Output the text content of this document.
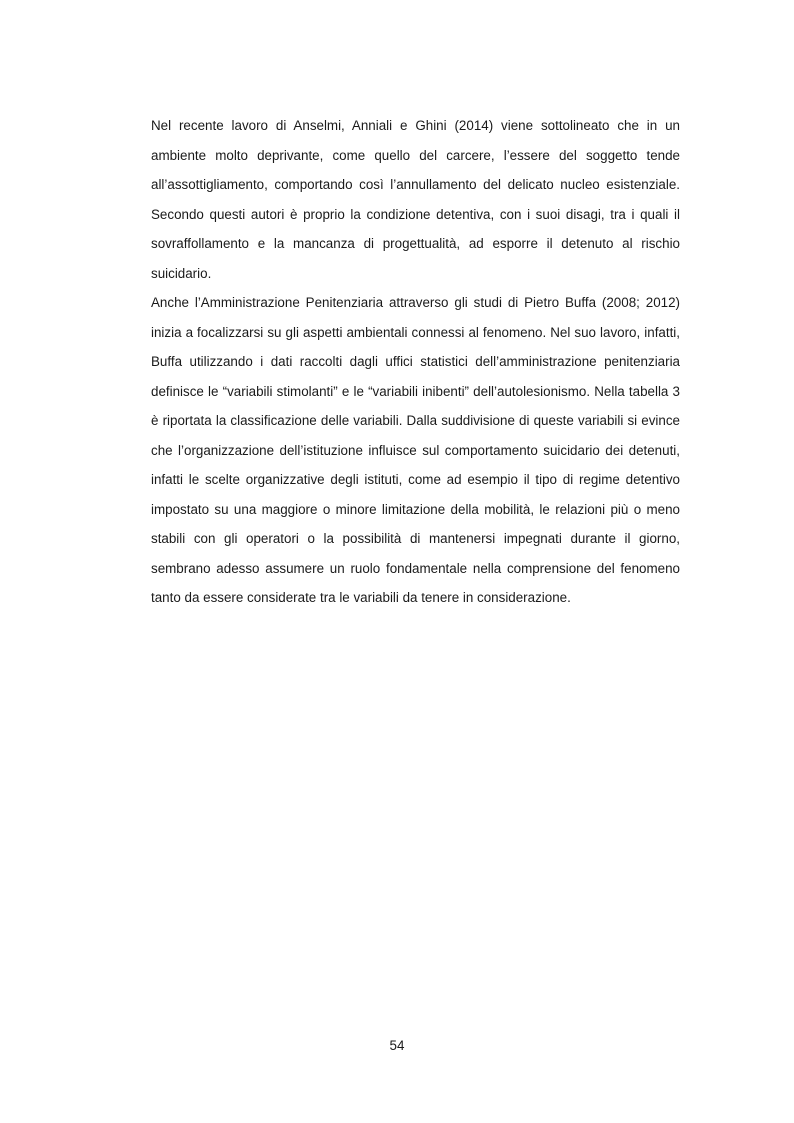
Nel recente lavoro di Anselmi, Anniali e Ghini (2014) viene sottolineato che in un ambiente molto deprivante, come quello del carcere, l’essere del soggetto tende all’assottigliamento, comportando così l’annullamento del delicato nucleo esistenziale. Secondo questi autori è proprio la condizione detentiva, con i suoi disagi, tra i quali il sovraffollamento e la mancanza di progettualità, ad esporre il detenuto al rischio suicidario.

Anche l’Amministrazione Penitenziaria attraverso gli studi di Pietro Buffa (2008; 2012) inizia a focalizzarsi su gli aspetti ambientali connessi al fenomeno. Nel suo lavoro, infatti, Buffa utilizzando i dati raccolti dagli uffici statistici dell’amministrazione penitenziaria definisce le “variabili stimolanti” e le “variabili inibenti” dell’autolesionismo. Nella tabella 3 è riportata la classificazione delle variabili. Dalla suddivisione di queste variabili si evince che l’organizzazione dell’istituzione influisce sul comportamento suicidario dei detenuti, infatti le scelte organizzative degli istituti, come ad esempio il tipo di regime detentivo impostato su una maggiore o minore limitazione della mobilità, le relazioni più o meno stabili con gli operatori o la possibilità di mantenersi impegnati durante il giorno, sembrano adesso assumere un ruolo fondamentale nella comprensione del fenomeno tanto da essere considerate tra le variabili da tenere in considerazione.

54
